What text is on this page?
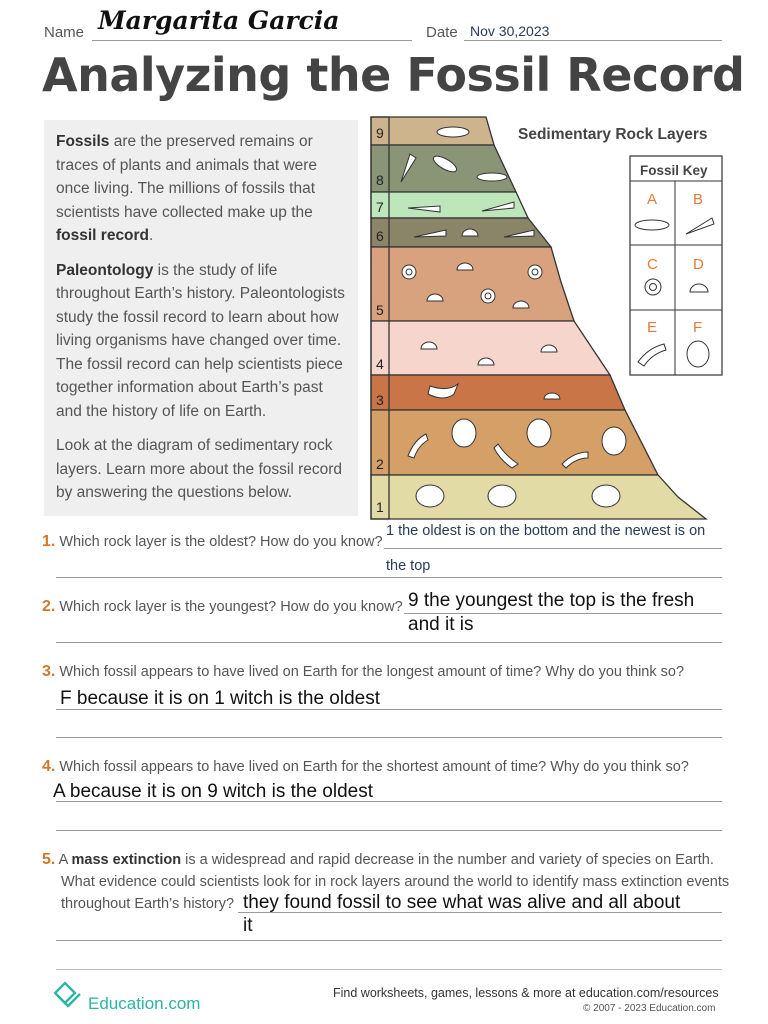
Name Margarita Garcia	Date Nov 30,2023
Analyzing the Fossil Record

Fossils are the preserved remains or traces of plants and animals that were once living. The millions of fossils that scientists have collected make up the fossil record.

Paleontology is the study of life throughout Earth’s history. Paleontologists study the fossil record to learn about how living organisms have changed over time. The fossil record can help scientists piece together information about Earth’s past and the history of life on Earth.

Look at the diagram of sedimentary rock layers. Learn more about the fossil record by answering the questions below.

9
8
7
6
5
4
3
2
1
Sedimentary Rock Layers
Fossil Key
A B
C D
E F
1. Which rock layer is the oldest? How do you know?
1 the oldest is on the bottom and the newest is on
the top
2. Which rock layer is the youngest? How do you know? 9 the youngest the top is the fresh
and it is
3. Which fossil appears to have lived on Earth for the longest amount of time? Why do you think so?
F because it is on 1 witch is the oldest
4. Which fossil appears to have lived on Earth for the shortest amount of time? Why do you think so?
A because it is on 9 witch is the oldest
5. A mass extinction is a widespread and rapid decrease in the number and variety of species on Earth.
What evidence could scientists look for in rock layers around the world to identify mass extinction events
throughout Earth’s history? they found fossil to see what was alive and all about
it
Education.com
Find worksheets, games, lessons & more at education.com/resources
© 2007 - 2023 Education.com
